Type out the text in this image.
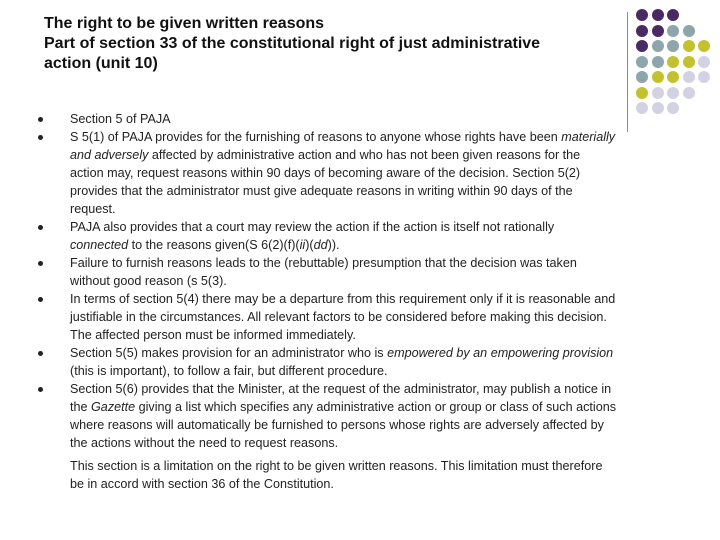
The right to be given written reasons
Part of section 33 of the constitutional right of just administrative
action (unit 10)
Section 5 of PAJA
S 5(1) of PAJA provides for the furnishing of reasons to anyone whose rights have been materially
and adversely affected by administrative action and who has not been given reasons for the
action may, request reasons within 90 days of becoming aware of the decision. Section 5(2)
provides that the administrator must give adequate reasons in writing within 90 days of the
request.
PAJA also provides that a court may review the action if the action is itself not rationally
connected to the reasons given(S 6(2)(f)(ii)(dd)).
Failure to furnish reasons leads to the (rebuttable) presumption that the decision was taken
without good reason (s 5(3).
In terms of section 5(4) there may be a departure from this requirement only if it is reasonable and
justifiable in the circumstances. All relevant factors to be considered before making this decision.
The affected person must be informed immediately.
Section 5(5) makes provision for an administrator who is empowered by an empowering provision
(this is important), to follow a fair, but different procedure.
Section 5(6) provides that the Minister, at the request of the administrator, may publish a notice in
the Gazette giving a list which specifies any administrative action or group or class of such actions
where reasons will automatically be furnished to persons whose rights are adversely affected by
the actions without the need to request reasons.
This section is a limitation on the right to be given written reasons. This limitation must therefore
be in accord with section 36 of the Constitution.
